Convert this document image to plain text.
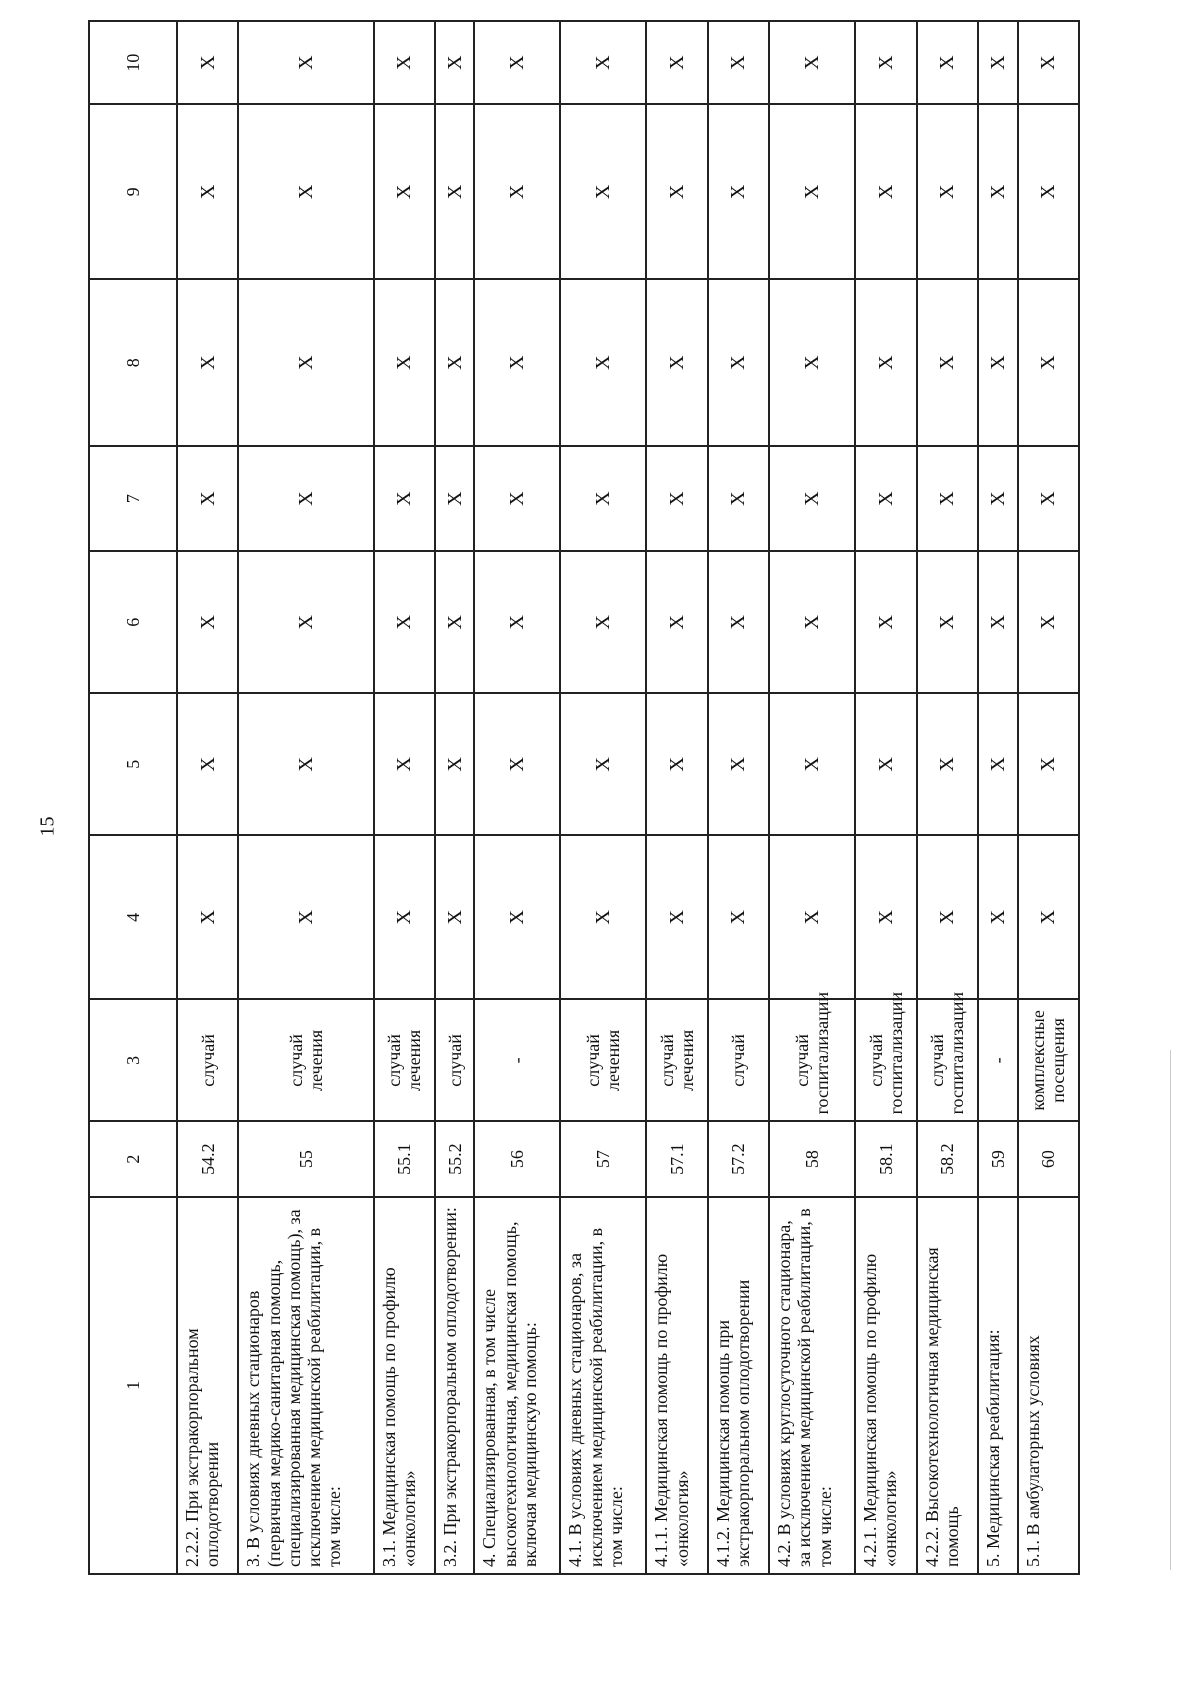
15
1	2	3	4	5	6	7	8	9	10
2.2.2. При экстракорпоральном оплодотворении	54.2	случай	X	X	X	X	X	X	X
3. В условиях дневных стационаров (первичная медико-санитарная помощь, специализированная медицинская помощь), за исключением медицинской реабилитации, в том числе:	55	случай лечения	X	X	X	X	X	X	X
3.1. Медицинская помощь по профилю «онкология»	55.1	случай лечения	X	X	X	X	X	X	X
3.2. При экстракорпоральном оплодотворении:	55.2	случай	X	X	X	X	X	X	X
4. Специализированная, в том числе высокотехнологичная, медицинская помощь, включая медицинскую помощь:	56	-	X	X	X	X	X	X	X
4.1. В условиях дневных стационаров, за исключением медицинской реабилитации, в том числе:	57	случай лечения	X	X	X	X	X	X	X
4.1.1. Медицинская помощь по профилю «онкология»	57.1	случай лечения	X	X	X	X	X	X	X
4.1.2. Медицинская помощь при экстракорпоральном оплодотворении	57.2	случай	X	X	X	X	X	X	X
4.2. В условиях круглосуточного стационара, за исключением медицинской реабилитации, в том числе:	58	случай госпитализации	X	X	X	X	X	X	X
4.2.1. Медицинская помощь по профилю «онкология»	58.1	случай госпитализации	X	X	X	X	X	X	X
4.2.2. Высокотехнологичная медицинская помощь	58.2	случай госпитализации	X	X	X	X	X	X	X
5. Медицинская реабилитация:	59	-	X	X	X	X	X	X	X
5.1. В амбулаторных условиях	60	комплексные посещения	X	X	X	X	X	X	X
